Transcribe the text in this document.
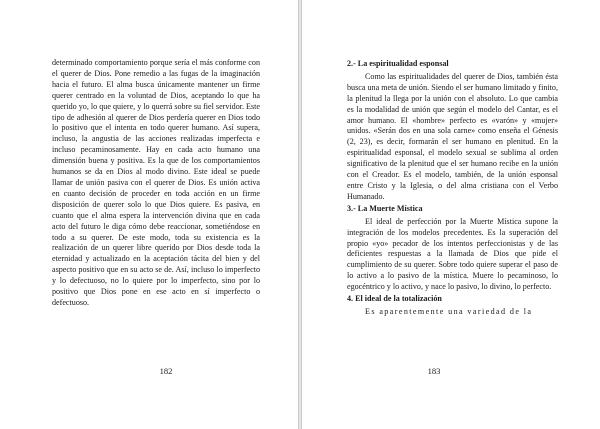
determinado comportamiento porque sería el más conforme con el querer de Dios. Pone remedio a las fugas de la imaginación hacia el futuro. El alma busca únicamente mantener un firme querer centrado en la voluntad de Dios, aceptando lo que ha querido yo, lo que quiere, y lo querrá sobre su fiel servidor. Este tipo de adhesión al querer de Dios perdería querer en Dios todo lo positivo que el intenta en todo querer humano. Así supera, incluso, la angustia de las acciones realizadas imperfecta e incluso pecaminosamente. Hay en cada acto humano una dimensión buena y positiva. Es la que de los comportamientos humanos se da en Dios al modo divino. Este ideal se puede llamar de unión pasiva con el querer de Dios. Es unión activa en cuanto decisión de proceder en toda acción en un firme disposición de querer solo lo que Dios quiere. Es pasiva, en cuanto que el alma espera la intervención divina que en cada acto del futuro le diga cómo debe reaccionar, sometiéndose en todo a su querer. De este modo, toda su existencia es la realización de un querer libre querido por Dios desde toda la eternidad y actualizado en la aceptación tácita del bien y del aspecto positivo que en su acto se de. Así, incluso lo imperfecto y lo defectuoso, no lo quiere por lo imperfecto, sino por lo positivo que Dios pone en ese acto en sí imperfecto o defectuoso.

182
2.- La espiritualidad esponsal

Como las espiritualidades del querer de Dios, también ésta busca una meta de unión. Siendo el ser humano limitado y finito, la plenitud la llega por la unión con el absoluto. Lo que cambia es la modalidad de unión que según el modelo del Cantar, es el amor humano. El «hombre» perfecto es «varón» y «mujer» unidos. «Serán dos en una sola carne» como enseña el Génesis (2, 23), es decir, formarán el ser humano en plenitud. En la espiritualidad esponsal, el modelo sexual se sublima al orden significativo de la plenitud que el ser humano recibe en la unión con el Creador. Es el modelo, también, de la unión esponsal entre Cristo y la Iglesia, o del alma cristiana con el Verbo Humanado.

3.- La Muerte Mística

El ideal de perfección por la Muerte Mística supone la integración de los modelos precedentes. Es la superación del propio «yo» pecador de los intentos perfeccionistas y de las deficientes respuestas a la llamada de Dios que pide el cumplimiento de su querer. Sobre todo quiere superar el paso de lo activo a lo pasivo de la mística. Muere lo pecaminoso, lo egocéntrico y lo activo, y nace lo pasivo, lo divino, lo perfecto.

4. El ideal de la totalización

Es aparentemente una variedad de la

183
